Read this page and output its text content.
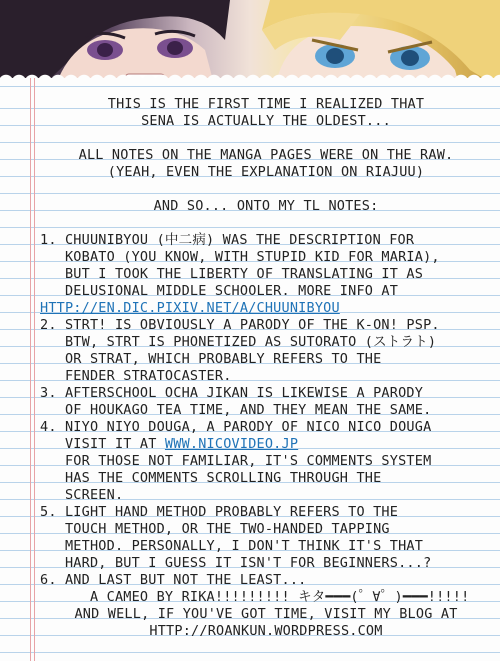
THIS IS THE FIRST TIME I REALIZED THAT
SENA IS ACTUALLY THE OLDEST...
ALL NOTES ON THE MANGA PAGES WERE ON THE RAW.
(YEAH, EVEN THE EXPLANATION ON RIAJUU)
AND SO... ONTO MY TL NOTES:
1. CHUUNIBYOU (中二病) WAS THE DESCRIPTION FOR
KOBATO (YOU KNOW, WITH STUPID KID FOR MARIA),
BUT I TOOK THE LIBERTY OF TRANSLATING IT AS
DELUSIONAL MIDDLE SCHOOLER. MORE INFO AT
HTTP://EN.DIC.PIXIV.NET/A/CHUUNIBYOU
2. STRT! IS OBVIOUSLY A PARODY OF THE K-ON! PSP.
BTW, STRT IS PHONETIZED AS SUTORATO (ストラト)
OR STRAT, WHICH PROBABLY REFERS TO THE
FENDER STRATOCASTER.
3. AFTERSCHOOL OCHA JIKAN IS LIKEWISE A PARODY
OF HOUKAGO TEA TIME, AND THEY MEAN THE SAME.
4. NIYO NIYO DOUGA, A PARODY OF NICO NICO DOUGA
VISIT IT AT WWW.NICOVIDEO.JP
FOR THOSE NOT FAMILIAR, IT'S COMMENTS SYSTEM
HAS THE COMMENTS SCROLLING THROUGH THE
SCREEN.
5. LIGHT HAND METHOD PROBABLY REFERS TO THE
TOUCH METHOD, OR THE TWO-HANDED TAPPING
METHOD. PERSONALLY, I DON'T THINK IT'S THAT
HARD, BUT I GUESS IT ISN'T FOR BEGINNERS...?
6. AND LAST BUT NOT THE LEAST...
A CAMEO BY RIKA!!!!!!!!! キタ━━━(゜∀゜)━━━!!!!!
AND WELL, IF YOU'VE GOT TIME, VISIT MY BLOG AT
HTTP://ROANKUN.WORDPRESS.COM
